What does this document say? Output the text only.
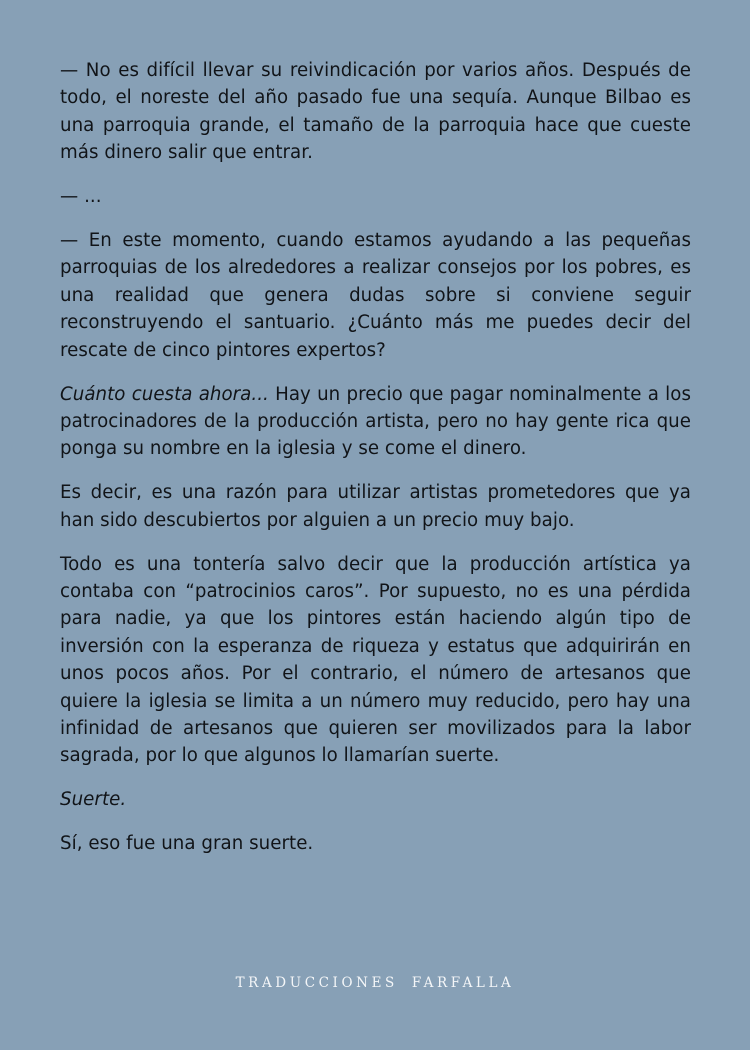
— No es difícil llevar su reivindicación por varios años. Después de todo, el noreste del año pasado fue una sequía. Aunque Bilbao es una parroquia grande, el tamaño de la parroquia hace que cueste más dinero salir que entrar.

— ...

— En este momento, cuando estamos ayudando a las pequeñas parroquias de los alrededores a realizar consejos por los pobres, es una realidad que genera dudas sobre si conviene seguir reconstruyendo el santuario. ¿Cuánto más me puedes decir del rescate de cinco pintores expertos?

Cuánto cuesta ahora... Hay un precio que pagar nominalmente a los patrocinadores de la producción artista, pero no hay gente rica que ponga su nombre en la iglesia y se come el dinero.

Es decir, es una razón para utilizar artistas prometedores que ya han sido descubiertos por alguien a un precio muy bajo.

Todo es una tontería salvo decir que la producción artística ya contaba con “patrocinios caros”. Por supuesto, no es una pérdida para nadie, ya que los pintores están haciendo algún tipo de inversión con la esperanza de riqueza y estatus que adquirirán en unos pocos años. Por el contrario, el número de artesanos que quiere la iglesia se limita a un número muy reducido, pero hay una infinidad de artesanos que quieren ser movilizados para la labor sagrada, por lo que algunos lo llamarían suerte.

Suerte.

Sí, eso fue una gran suerte.

TRADUCCIONES FARFALLA
